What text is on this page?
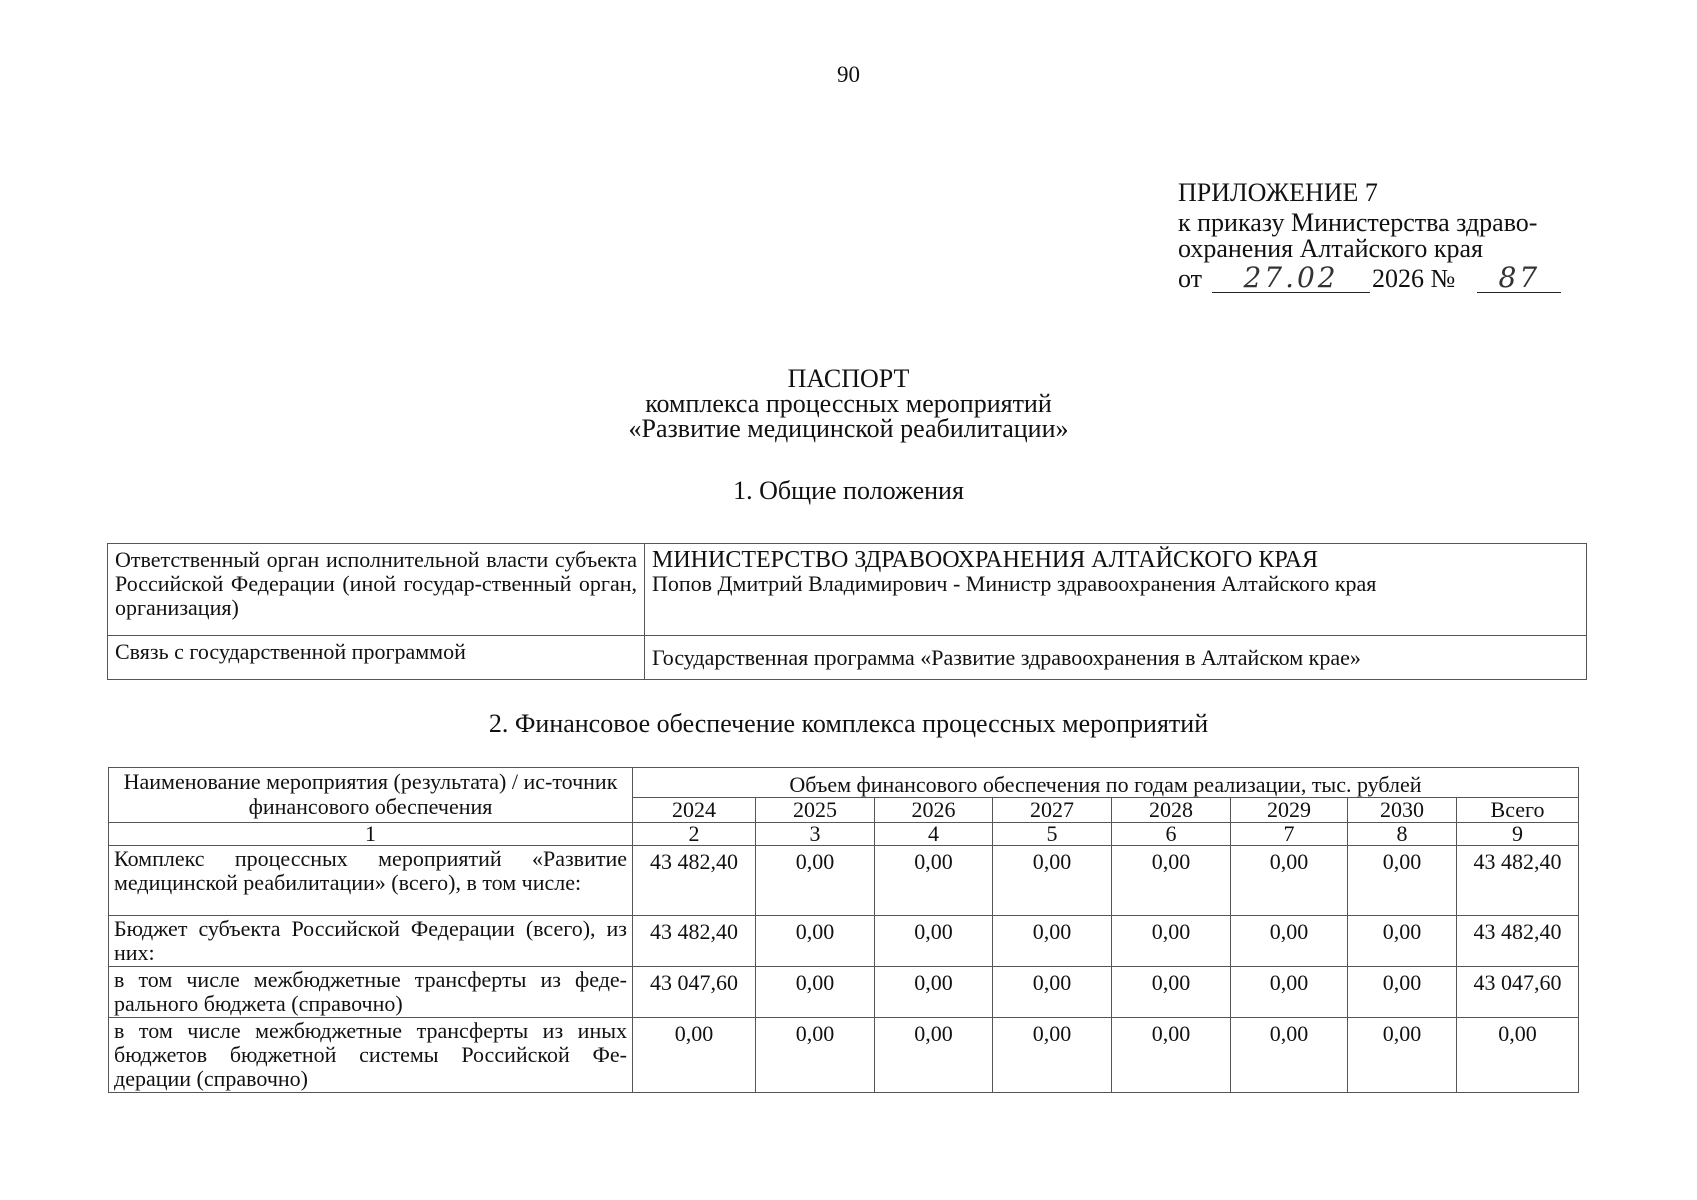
90
ПРИЛОЖЕНИЕ 7
к приказу Министерства здраво-
охранения Алтайского края
от	27.02	2026 №	87
ПАСПОРТ
комплекса процессных мероприятий
«Развитие медицинской реабилитации»
1. Общие положения
Ответственный орган исполнительной власти субъекта Российской Федерации (иной государ-ственный орган, организация)	МИНИСТЕРСТВО ЗДРАВООХРАНЕНИЯ АЛТАЙСКОГО КРАЯ
Попов Дмитрий Владимирович - Министр здравоохранения Алтайского края

Связь с государственной программой	Государственная программа «Развитие здравоохранения в Алтайском крае»
2. Финансовое обеспечение комплекса процессных мероприятий
Наименование мероприятия (результата) / ис-точник финансового обеспечения	Объем финансового обеспечения по годам реализации, тыс. рублей							
	2024	2025	2026	2027	2028	2029	2030	Всего
1	2	3	4	5	6	7	8	9
Комплекс процессных мероприятий «Развитие медицинской реабилитации» (всего), в том числе:	43 482,40	0,00	0,00	0,00	0,00	0,00	0,00	43 482,40
Бюджет субъекта Российской Федерации (всего), из них:	43 482,40	0,00	0,00	0,00	0,00	0,00	0,00	43 482,40
в том числе межбюджетные трансферты из феде-рального бюджета (справочно)	43 047,60	0,00	0,00	0,00	0,00	0,00	0,00	43 047,60
в том числе межбюджетные трансферты из иных бюджетов бюджетной системы Российской Фе-дерации (справочно)	0,00	0,00	0,00	0,00	0,00	0,00	0,00	0,00
